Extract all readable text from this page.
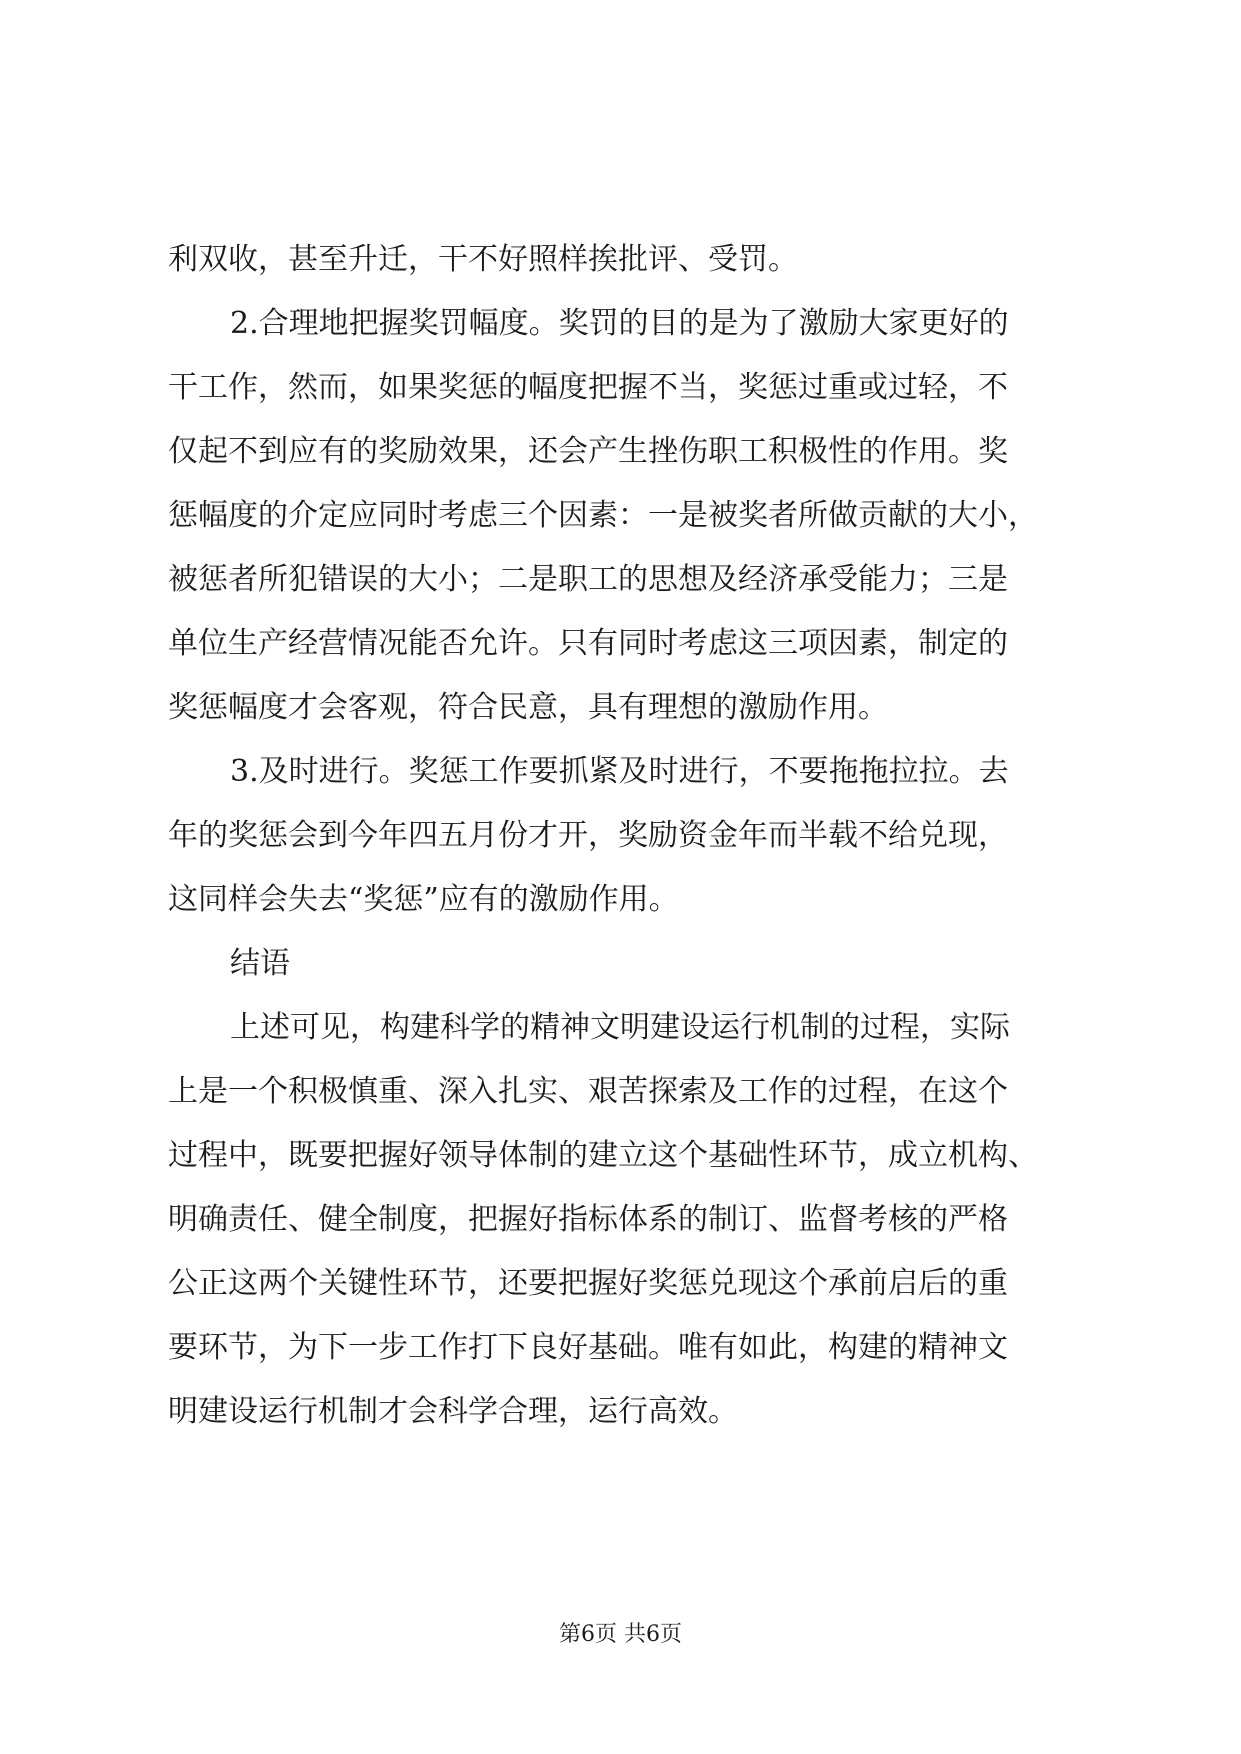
利双收，甚至升迁，干不好照样挨批评、受罚。
2.合理地把握奖罚幅度。奖罚的目的是为了激励大家更好的
干工作，然而，如果奖惩的幅度把握不当，奖惩过重或过轻，不
仅起不到应有的奖励效果，还会产生挫伤职工积极性的作用。奖
惩幅度的介定应同时考虑三个因素：一是被奖者所做贡献的大小，
被惩者所犯错误的大小；二是职工的思想及经济承受能力；三是
单位生产经营情况能否允许。只有同时考虑这三项因素，制定的
奖惩幅度才会客观，符合民意，具有理想的激励作用。
3.及时进行。奖惩工作要抓紧及时进行，不要拖拖拉拉。去
年的奖惩会到今年四五月份才开，奖励资金年而半载不给兑现，
这同样会失去“奖惩”应有的激励作用。
结语
上述可见，构建科学的精神文明建设运行机制的过程，实际
上是一个积极慎重、深入扎实、艰苦探索及工作的过程，在这个
过程中，既要把握好领导体制的建立这个基础性环节，成立机构、
明确责任、健全制度，把握好指标体系的制订、监督考核的严格
公正这两个关键性环节，还要把握好奖惩兑现这个承前启后的重
要环节，为下一步工作打下良好基础。唯有如此，构建的精神文
明建设运行机制才会科学合理，运行高效。
第6页 共6页
